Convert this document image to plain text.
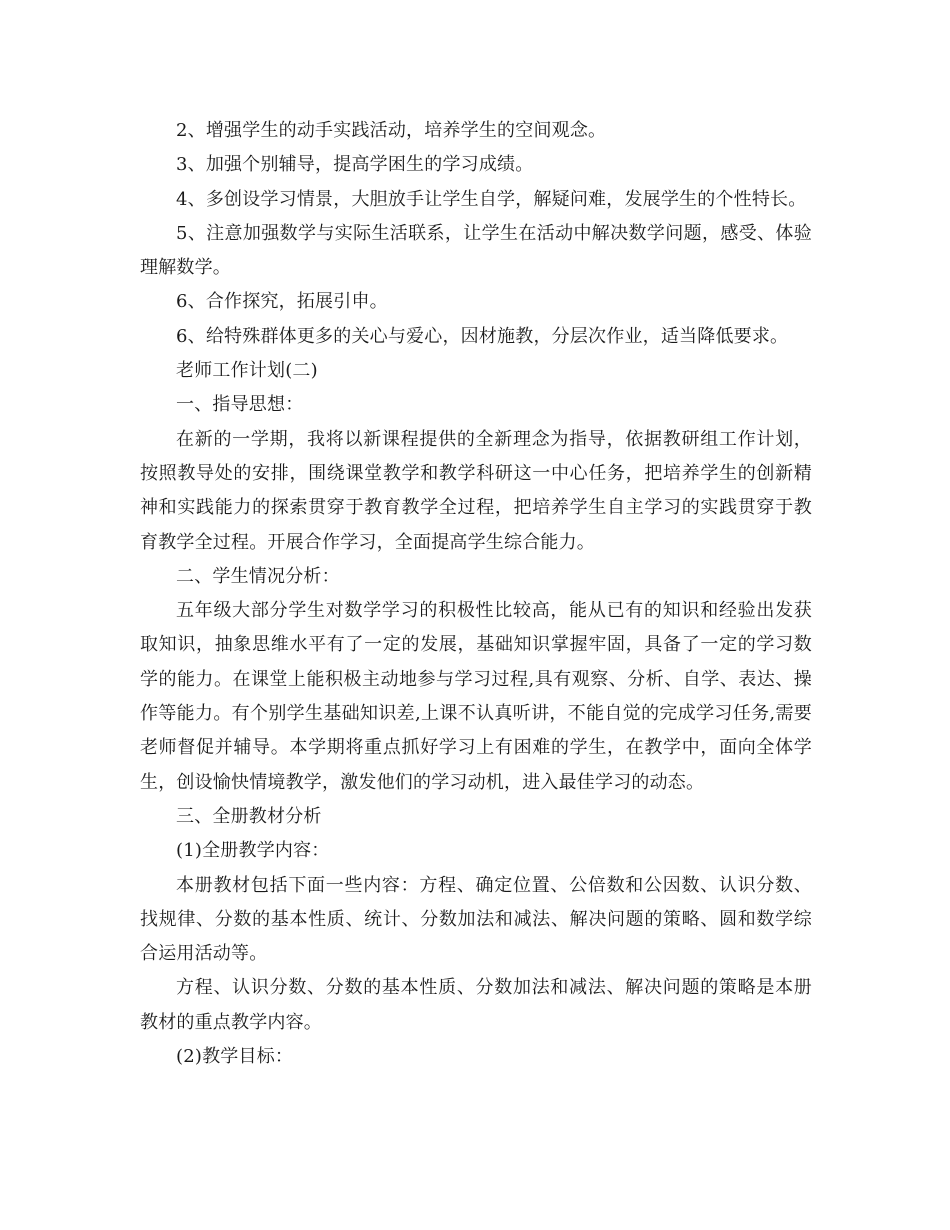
2、增强学生的动手实践活动，培养学生的空间观念。

3、加强个别辅导，提高学困生的学习成绩。

4、多创设学习情景，大胆放手让学生自学，解疑问难，发展学生的个性特长。

5、注意加强数学与实际生活联系，让学生在活动中解决数学问题，感受、体验理解数学。

6、合作探究，拓展引申。

6、给特殊群体更多的关心与爱心，因材施教，分层次作业，适当降低要求。

老师工作计划(二)

一、指导思想：

在新的一学期，我将以新课程提供的全新理念为指导，依据教研组工作计划，按照教导处的安排，围绕课堂教学和教学科研这一中心任务，把培养学生的创新精神和实践能力的探索贯穿于教育教学全过程，把培养学生自主学习的实践贯穿于教育教学全过程。开展合作学习，全面提高学生综合能力。

二、学生情况分析：

五年级大部分学生对数学学习的积极性比较高，能从已有的知识和经验出发获取知识，抽象思维水平有了一定的发展，基础知识掌握牢固，具备了一定的学习数学的能力。在课堂上能积极主动地参与学习过程,具有观察、分析、自学、表达、操作等能力。有个别学生基础知识差,上课不认真听讲，不能自觉的完成学习任务,需要老师督促并辅导。本学期将重点抓好学习上有困难的学生，在教学中，面向全体学生，创设愉快情境教学，激发他们的学习动机，进入最佳学习的动态。

三、全册教材分析

(1)全册教学内容：

本册教材包括下面一些内容：方程、确定位置、公倍数和公因数、认识分数、找规律、分数的基本性质、统计、分数加法和减法、解决问题的策略、圆和数学综合运用活动等。

方程、认识分数、分数的基本性质、分数加法和减法、解决问题的策略是本册教材的重点教学内容。

(2)教学目标：
